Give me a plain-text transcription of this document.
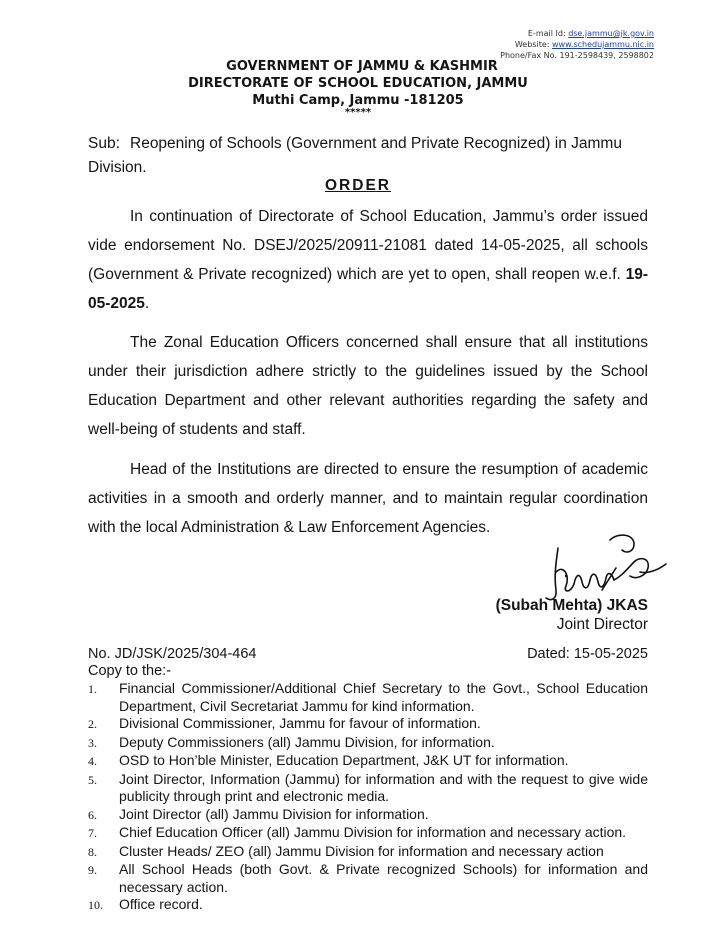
E-mail Id: dse.jammu@jk.gov.in
Website: www.schedujammu.nic.in
Phone/Fax No. 191-2598439, 2598802
GOVERNMENT OF JAMMU & KASHMIR
DIRECTORATE OF SCHOOL EDUCATION, JAMMU
Muthi Camp, Jammu -181205
*****
Sub: Reopening of Schools (Government and Private Recognized) in Jammu Division.
ORDER
In continuation of Directorate of School Education, Jammu’s order issued vide endorsement No. DSEJ/2025/20911-21081 dated 14-05-2025, all schools (Government & Private recognized) which are yet to open, shall reopen w.e.f. 19-05-2025.
The Zonal Education Officers concerned shall ensure that all institutions under their jurisdiction adhere strictly to the guidelines issued by the School Education Department and other relevant authorities regarding the safety and well-being of students and staff.
Head of the Institutions are directed to ensure the resumption of academic activities in a smooth and orderly manner, and to maintain regular coordination with the local Administration & Law Enforcement Agencies.
(Subah Mehta) JKAS
Joint Director
No. JD/JSK/2025/304-464	Dated: 15-05-2025
Copy to the:-
1.	Financial Commissioner/Additional Chief Secretary to the Govt., School Education Department, Civil Secretariat Jammu for kind information.
2.	Divisional Commissioner, Jammu for favour of information.
3.	Deputy Commissioners (all) Jammu Division, for information.
4.	OSD to Hon’ble Minister, Education Department, J&K UT for information.
5.	Joint Director, Information (Jammu) for information and with the request to give wide publicity through print and electronic media.
6.	Joint Director (all) Jammu Division for information.
7.	Chief Education Officer (all) Jammu Division for information and necessary action.
8.	Cluster Heads/ ZEO (all) Jammu Division for information and necessary action
9.	All School Heads (both Govt. & Private recognized Schools) for information and necessary action.
10.	Office record.
